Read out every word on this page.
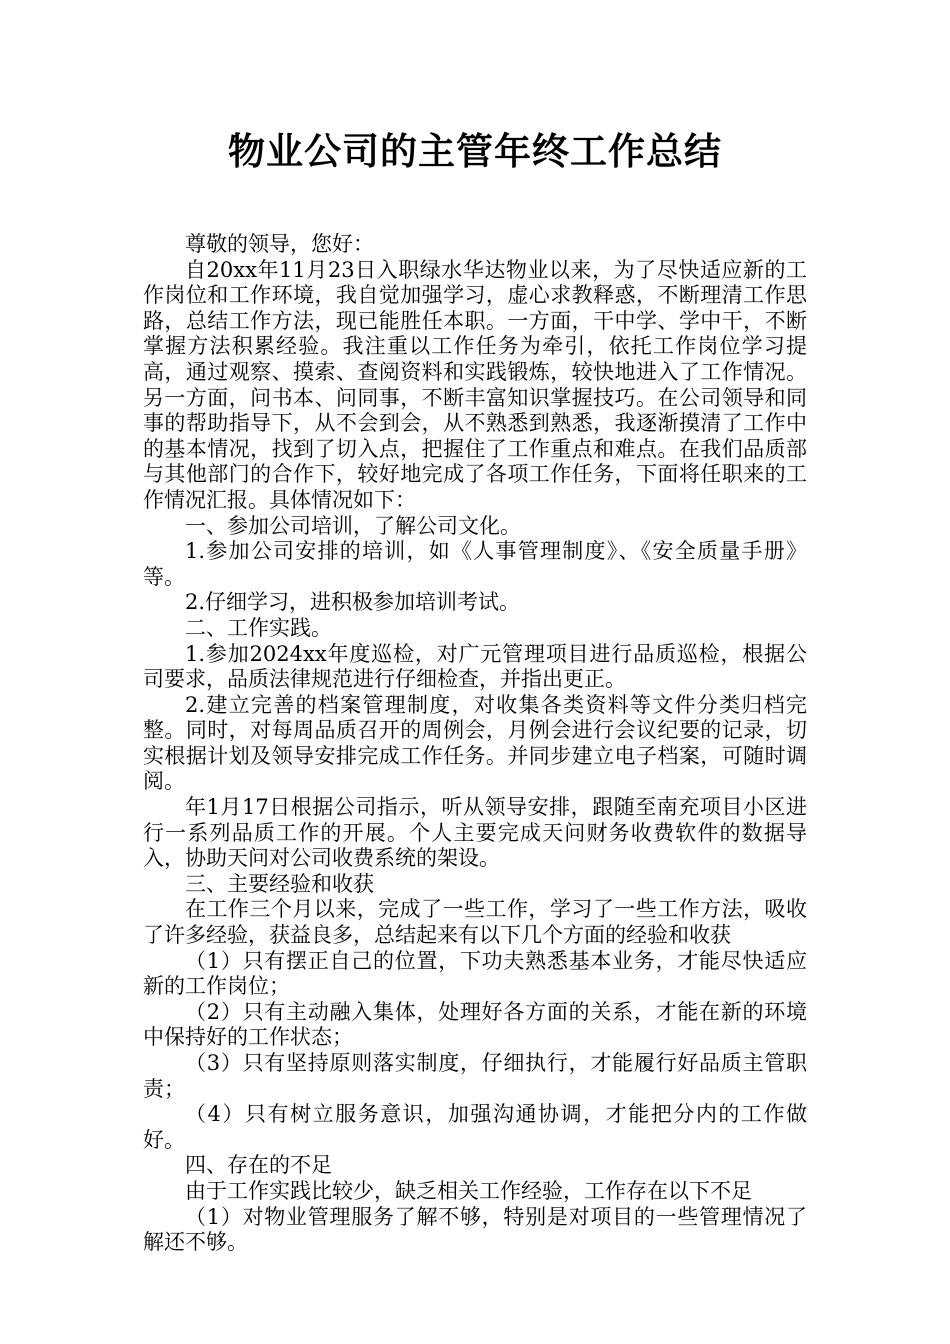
物业公司的主管年终工作总结

尊敬的领导，您好：

自20xx年11月23日入职绿水华达物业以来，为了尽快适应新的工作岗位和工作环境，我自觉加强学习，虚心求教释惑，不断理清工作思路，总结工作方法，现已能胜任本职。一方面，干中学、学中干，不断掌握方法积累经验。我注重以工作任务为牵引，依托工作岗位学习提高，通过观察、摸索、查阅资料和实践锻炼，较快地进入了工作情况。另一方面，问书本、问同事，不断丰富知识掌握技巧。在公司领导和同事的帮助指导下，从不会到会，从不熟悉到熟悉，我逐渐摸清了工作中的基本情况，找到了切入点，把握住了工作重点和难点。在我们品质部与其他部门的合作下，较好地完成了各项工作任务，下面将任职来的工作情况汇报。具体情况如下：

一、参加公司培训，了解公司文化。

1.参加公司安排的培训，如《人事管理制度》、《安全质量手册》等。

2.仔细学习，进积极参加培训考试。

二、工作实践。

1.参加2024xx年度巡检，对广元管理项目进行品质巡检，根据公司要求，品质法律规范进行仔细检查，并指出更正。

2.建立完善的档案管理制度，对收集各类资料等文件分类归档完整。同时，对每周品质召开的周例会，月例会进行会议纪要的记录，切实根据计划及领导安排完成工作任务。并同步建立电子档案，可随时调阅。

年1月17日根据公司指示，听从领导安排，跟随至南充项目小区进行一系列品质工作的开展。个人主要完成天问财务收费软件的数据导入，协助天问对公司收费系统的架设。

三、主要经验和收获

在工作三个月以来，完成了一些工作，学习了一些工作方法，吸收了许多经验，获益良多，总结起来有以下几个方面的经验和收获

（1）只有摆正自己的位置，下功夫熟悉基本业务，才能尽快适应新的工作岗位；

（2）只有主动融入集体，处理好各方面的关系，才能在新的环境中保持好的工作状态；

（3）只有坚持原则落实制度，仔细执行，才能履行好品质主管职责；

（4）只有树立服务意识，加强沟通协调，才能把分内的工作做好。

四、存在的不足

由于工作实践比较少，缺乏相关工作经验，工作存在以下不足

（1）对物业管理服务了解不够，特别是对项目的一些管理情况了解还不够。
